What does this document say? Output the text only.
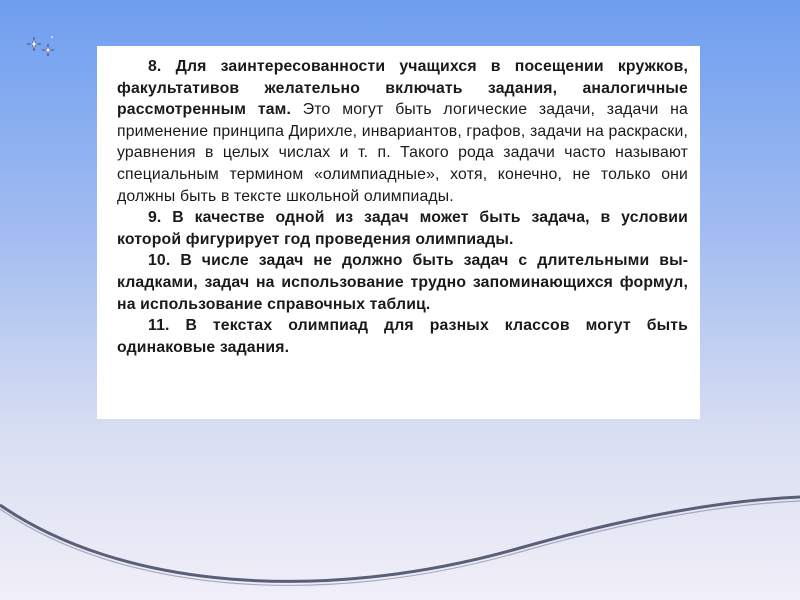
8. Для заинтересованности учащихся в посещении кружков, факультативов желательно включать задания, аналогичные рассмотренным там. Это могут быть логические задачи, задачи на применение принципа Дирихле, инвариантов, графов, задачи на раскраски, уравнения в целых числах и т. п. Такого рода задачи часто называют специальным термином «олимпиадные», хотя, конечно, не только они должны быть в тексте школьной олимпиады.

9. В качестве одной из задач может быть задача, в условии которой фигурирует год проведения олимпиады.

10. В числе задач не должно быть задач с длительными выкладками, задач на использование трудно запоминающихся формул, на использование справочных таблиц.

11. В текстах олимпиад для разных классов могут быть одинаковые задания.
